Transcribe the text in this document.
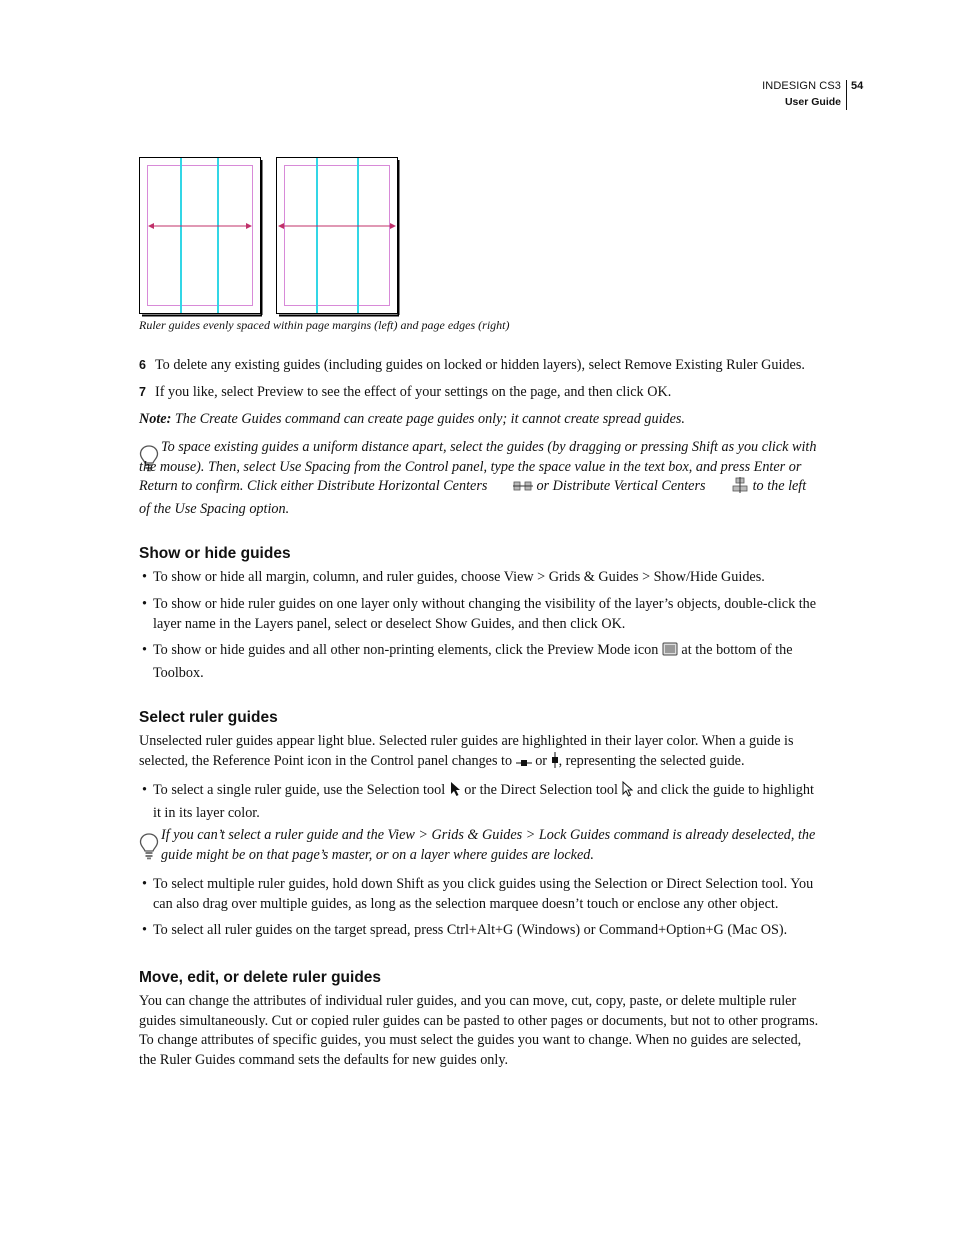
INDESIGN CS3
User Guide
54
Ruler guides evenly spaced within page margins (left) and page edges (right)
6 To delete any existing guides (including guides on locked or hidden layers), select Remove Existing Ruler Guides.
7 If you like, select Preview to see the effect of your settings on the page, and then click OK.
Note: The Create Guides command can create page guides only; it cannot create spread guides.
To space existing guides a uniform distance apart, select the guides (by dragging or pressing Shift as you click with the mouse). Then, select Use Spacing from the Control panel, type the space value in the text box, and press Enter or Return to confirm. Click either Distribute Horizontal Centers	or Distribute Vertical Centers	to the left of the Use Spacing option.
Show or hide guides
• To show or hide all margin, column, and ruler guides, choose View > Grids & Guides > Show/Hide Guides.
• To show or hide ruler guides on one layer only without changing the visibility of the layer’s objects, double-click the layer name in the Layers panel, select or deselect Show Guides, and then click OK.
• To show or hide guides and all other non-printing elements, click the Preview Mode icon  at the bottom of the Toolbox.
Select ruler guides
Unselected ruler guides appear light blue. Selected ruler guides are highlighted in their layer color. When a guide is selected, the Reference Point icon in the Control panel changes to  or , representing the selected guide.
• To select a single ruler guide, use the Selection tool  or the Direct Selection tool  and click the guide to highlight it in its layer color.
If you can’t select a ruler guide and the View > Grids & Guides > Lock Guides command is already deselected, the guide might be on that page’s master, or on a layer where guides are locked.
• To select multiple ruler guides, hold down Shift as you click guides using the Selection or Direct Selection tool. You can also drag over multiple guides, as long as the selection marquee doesn’t touch or enclose any other object.
• To select all ruler guides on the target spread, press Ctrl+Alt+G (Windows) or Command+Option+G (Mac OS).
Move, edit, or delete ruler guides
You can change the attributes of individual ruler guides, and you can move, cut, copy, paste, or delete multiple ruler guides simultaneously. Cut or copied ruler guides can be pasted to other pages or documents, but not to other programs. To change attributes of specific guides, you must select the guides you want to change. When no guides are selected, the Ruler Guides command sets the defaults for new guides only.
